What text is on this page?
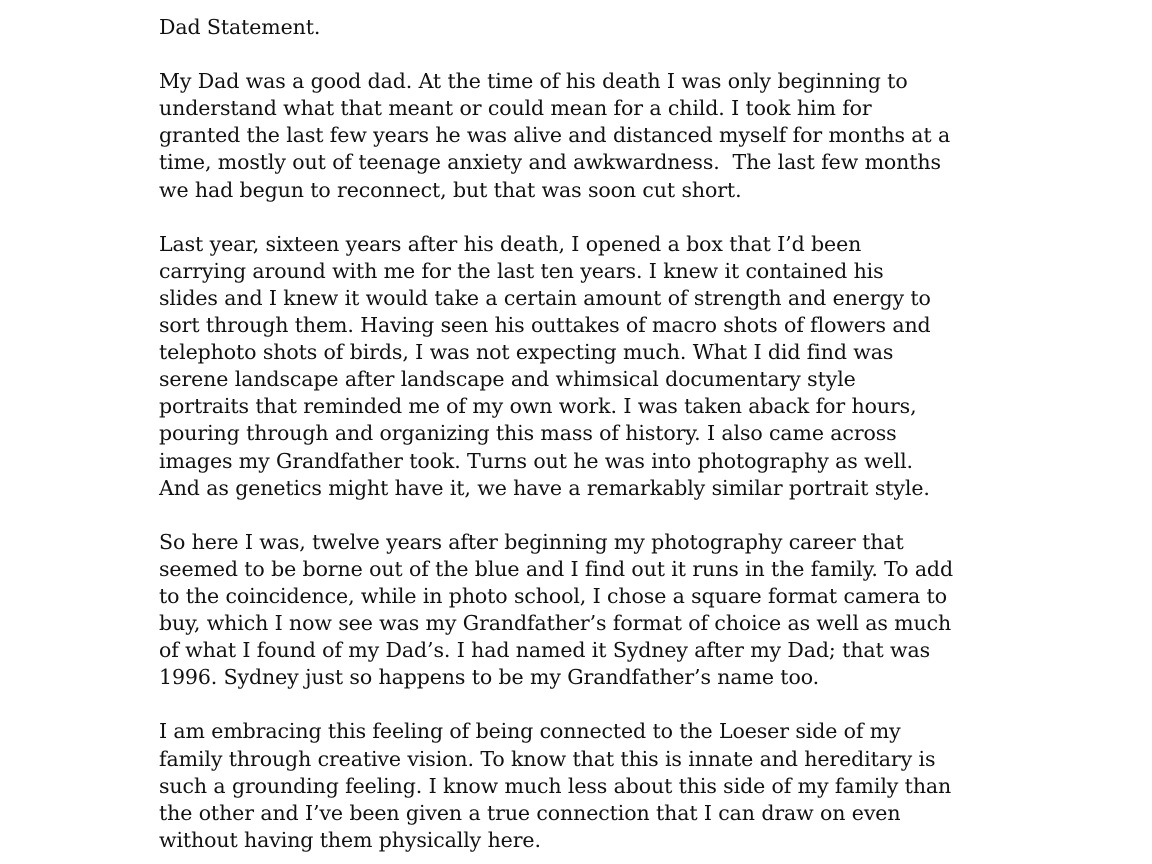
Dad Statement.

My Dad was a good dad. At the time of his death I was only beginning to
understand what that meant or could mean for a child. I took him for
granted the last few years he was alive and distanced myself for months at a
time, mostly out of teenage anxiety and awkwardness.  The last few months
we had begun to reconnect, but that was soon cut short.

Last year, sixteen years after his death, I opened a box that I’d been
carrying around with me for the last ten years. I knew it contained his
slides and I knew it would take a certain amount of strength and energy to
sort through them. Having seen his outtakes of macro shots of flowers and
telephoto shots of birds, I was not expecting much. What I did find was
serene landscape after landscape and whimsical documentary style
portraits that reminded me of my own work. I was taken aback for hours,
pouring through and organizing this mass of history. I also came across
images my Grandfather took. Turns out he was into photography as well.
And as genetics might have it, we have a remarkably similar portrait style.

So here I was, twelve years after beginning my photography career that
seemed to be borne out of the blue and I find out it runs in the family. To add
to the coincidence, while in photo school, I chose a square format camera to
buy, which I now see was my Grandfather’s format of choice as well as much
of what I found of my Dad’s. I had named it Sydney after my Dad; that was
1996. Sydney just so happens to be my Grandfather’s name too.

I am embracing this feeling of being connected to the Loeser side of my
family through creative vision. To know that this is innate and hereditary is
such a grounding feeling. I know much less about this side of my family than
the other and I’ve been given a true connection that I can draw on even
without having them physically here.
